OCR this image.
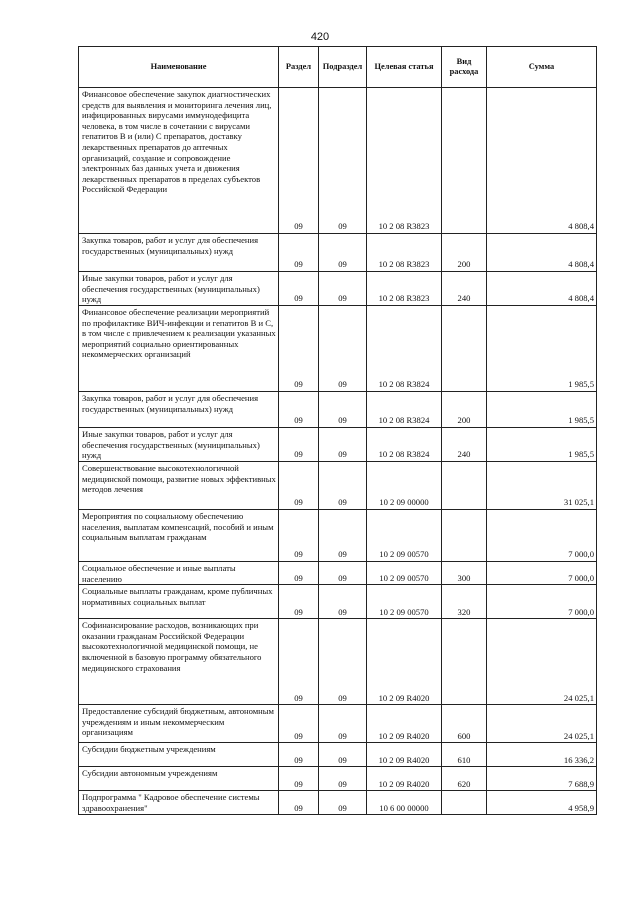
420
Наименование	Раздел	Подраздел	Целевая статья	Вид расхода	Сумма
Финансовое обеспечение закупок диагностических средств для выявления и мониторинга лечения лиц, инфицированных вирусами иммунодефицита человека, в том числе в сочетании с вирусами гепатитов В и (или) С препаратов, доставку лекарственных препаратов до аптечных организаций, создание и сопровождение электронных баз данных учета и движения лекарственных препаратов в пределах субъектов Российской Федерации	09	09	10 2 08 R3823		4 808,4
Закупка товаров, работ и услуг для обеспечения государственных (муниципальных) нужд	09	09	10 2 08 R3823	200	4 808,4
Иные закупки товаров, работ и услуг для обеспечения государственных (муниципальных) нужд	09	09	10 2 08 R3823	240	4 808,4
Финансовое обеспечение реализации мероприятий по профилактике ВИЧ-инфекции и гепатитов В и С, в том числе с привлечением к реализации указанных мероприятий социально ориентированных некоммерческих организаций	09	09	10 2 08 R3824		1 985,5
Закупка товаров, работ и услуг для обеспечения государственных (муниципальных) нужд	09	09	10 2 08 R3824	200	1 985,5
Иные закупки товаров, работ и услуг для обеспечения государственных (муниципальных) нужд	09	09	10 2 08 R3824	240	1 985,5
Совершенствование высокотехнологичной медицинской помощи, развитие новых эффективных методов лечения	09	09	10 2 09 00000		31 025,1
Мероприятия по социальному обеспечению населения, выплатам компенсаций, пособий и иным социальным выплатам гражданам	09	09	10 2 09 00570		7 000,0
Социальное обеспечение и иные выплаты населению	09	09	10 2 09 00570	300	7 000,0
Социальные выплаты гражданам, кроме публичных нормативных социальных выплат	09	09	10 2 09 00570	320	7 000,0
Софинансирование расходов, возникающих при оказании гражданам Российской Федерации высокотехнологичной медицинской помощи, не включенной в базовую программу обязательного медицинского страхования	09	09	10 2 09 R4020		24 025,1
Предоставление субсидий бюджетным, автономным учреждениям и иным некоммерческим организациям	09	09	10 2 09 R4020	600	24 025,1
Субсидии бюджетным учреждениям	09	09	10 2 09 R4020	610	16 336,2
Субсидии автономным учреждениям	09	09	10 2 09 R4020	620	7 688,9
Подпрограмма " Кадровое обеспечение системы здравоохранения"	09	09	10 6 00 00000		4 958,9
